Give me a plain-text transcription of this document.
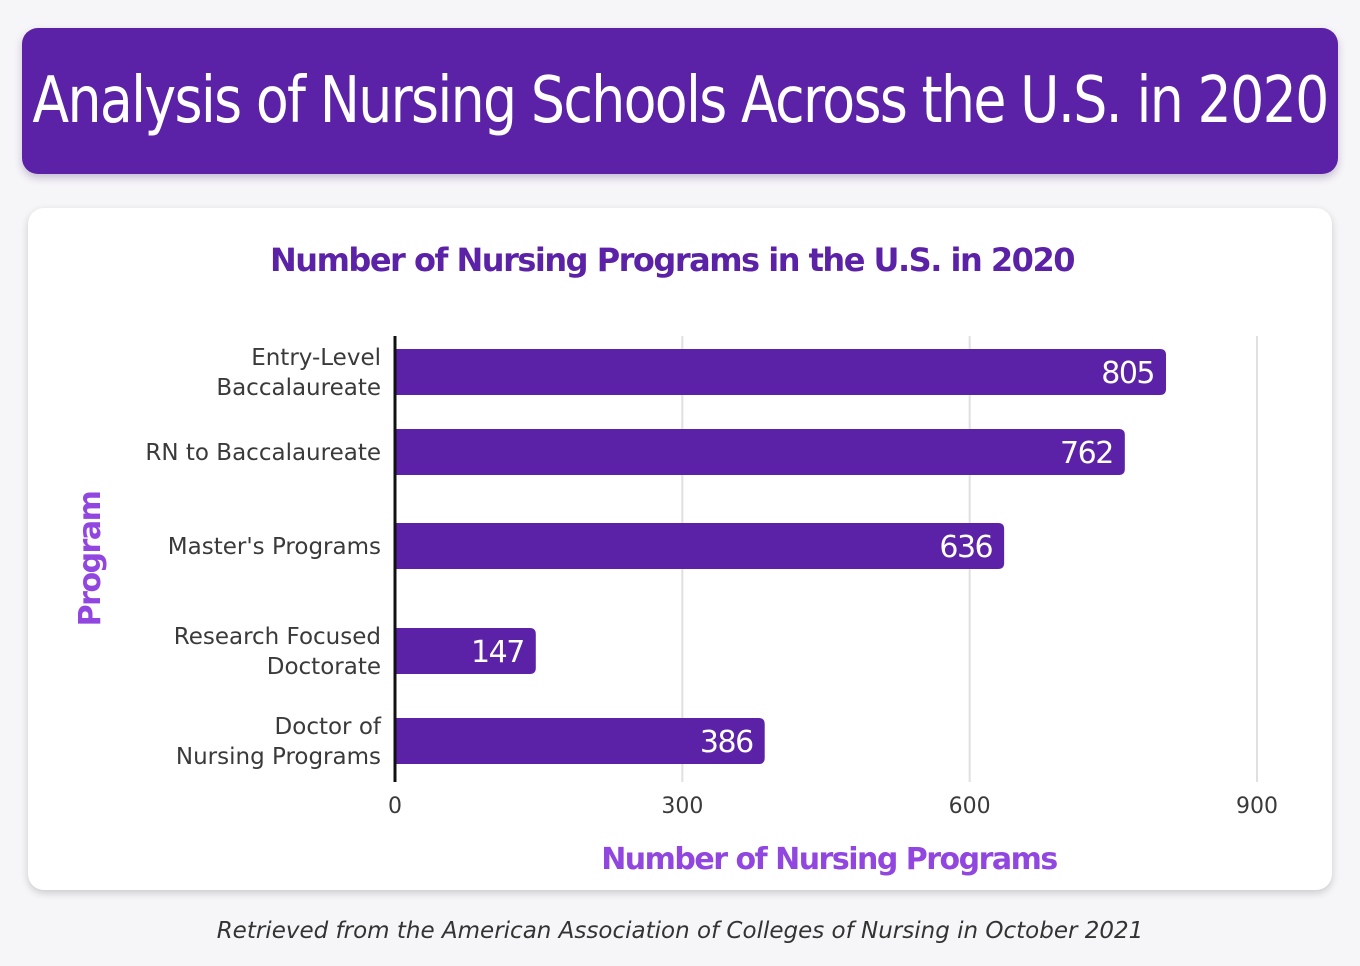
Analysis of Nursing Schools Across the U.S. in 2020
Number of Nursing Programs in the U.S. in 2020
805
762
636
147
386
Entry-Level Baccalaureate
RN to Baccalaureate
Master's Programs
Research Focused Doctorate
Doctor of Nursing Programs
0	300	600	900
Number of Nursing Programs
Program
Retrieved from the American Association of Colleges of Nursing in October 2021
